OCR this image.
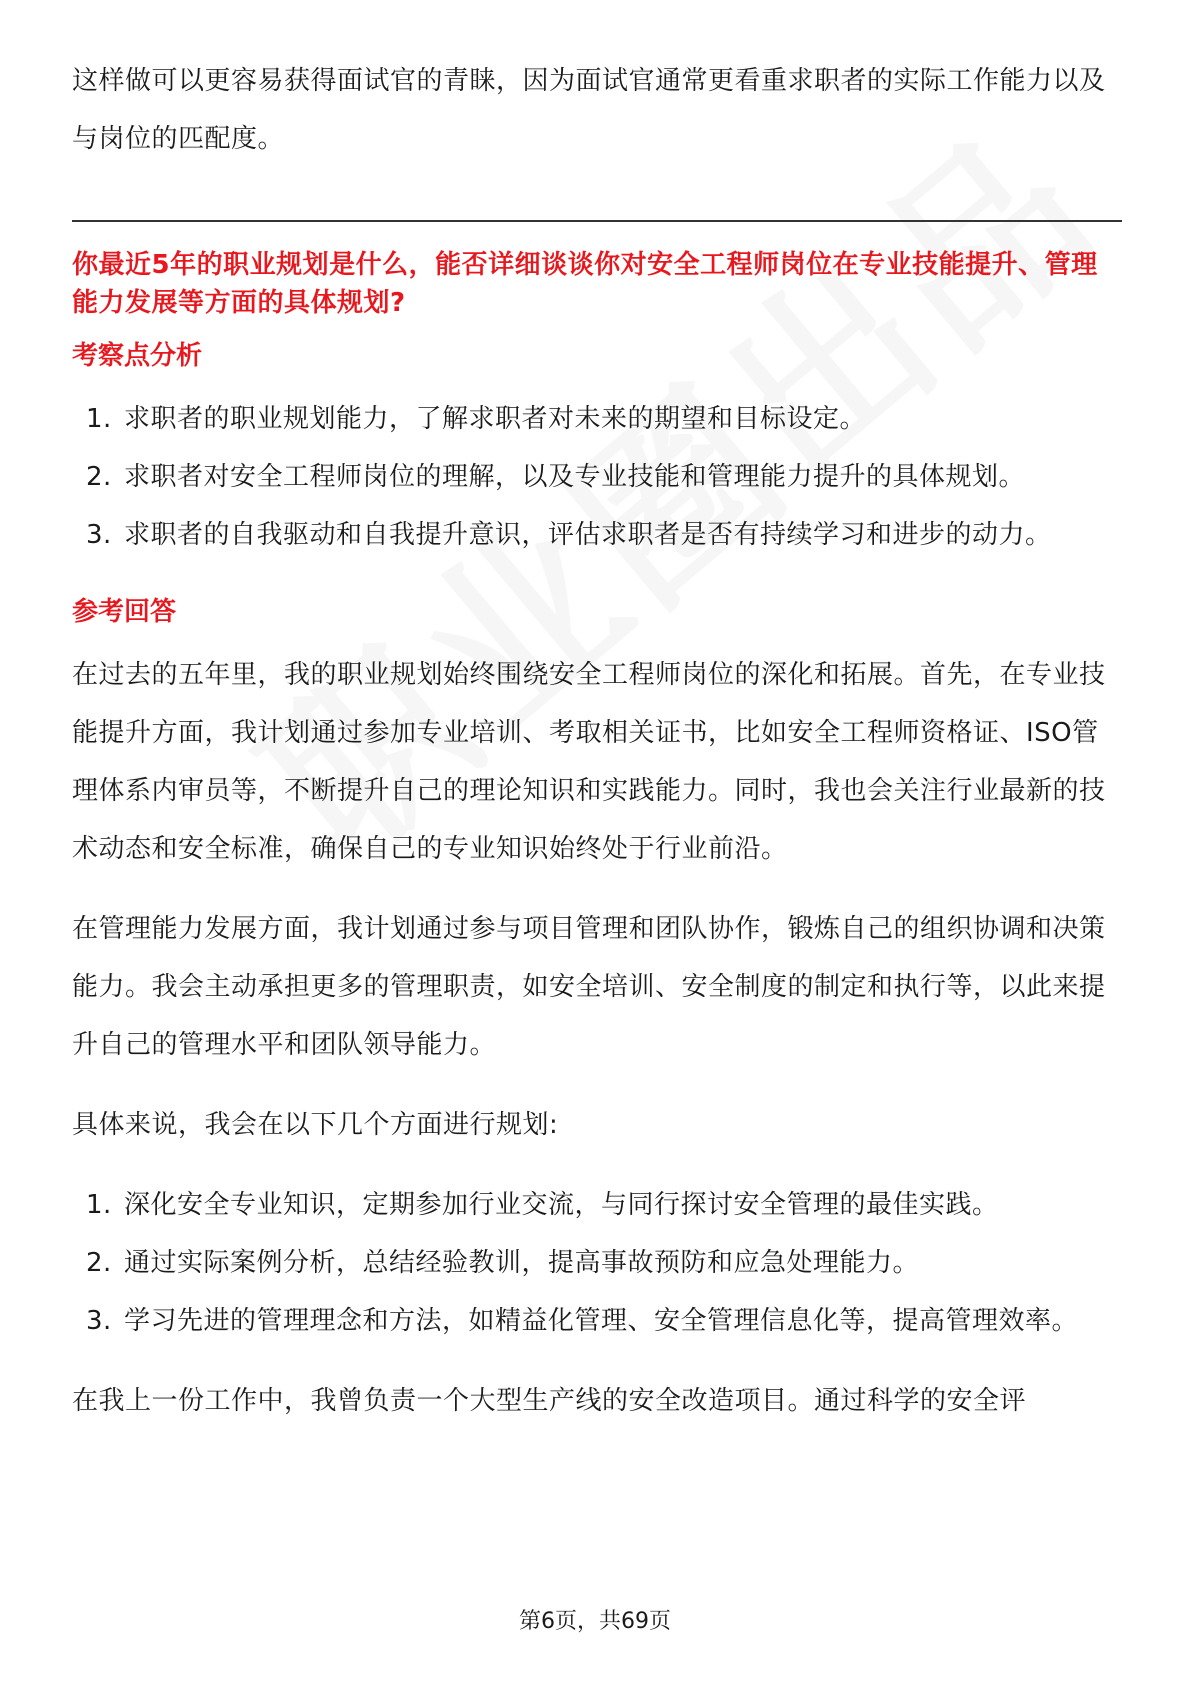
这样做可以更容易获得面试官的青睐，因为面试官通常更看重求职者的实际工作能力以及与岗位的匹配度。

你最近5年的职业规划是什么，能否详细谈谈你对安全工程师岗位在专业技能提升、管理能力发展等方面的具体规划?
考察点分析
1. 求职者的职业规划能力，了解求职者对未来的期望和目标设定。
2. 求职者对安全工程师岗位的理解，以及专业技能和管理能力提升的具体规划。
3. 求职者的自我驱动和自我提升意识，评估求职者是否有持续学习和进步的动力。
参考回答

在过去的五年里，我的职业规划始终围绕安全工程师岗位的深化和拓展。首先，在专业技能提升方面，我计划通过参加专业培训、考取相关证书，比如安全工程师资格证、ISO管理体系内审员等，不断提升自己的理论知识和实践能力。同时，我也会关注行业最新的技术动态和安全标准，确保自己的专业知识始终处于行业前沿。

在管理能力发展方面，我计划通过参与项目管理和团队协作，锻炼自己的组织协调和决策能力。我会主动承担更多的管理职责，如安全培训、安全制度的制定和执行等，以此来提升自己的管理水平和团队领导能力。

具体来说，我会在以下几个方面进行规划:

1. 深化安全专业知识，定期参加行业交流，与同行探讨安全管理的最佳实践。
2. 通过实际案例分析，总结经验教训，提高事故预防和应急处理能力。
3. 学习先进的管理理念和方法，如精益化管理、安全管理信息化等，提高管理效率。

在我上一份工作中，我曾负责一个大型生产线的安全改造项目。通过科学的安全评

第6页，共69页
